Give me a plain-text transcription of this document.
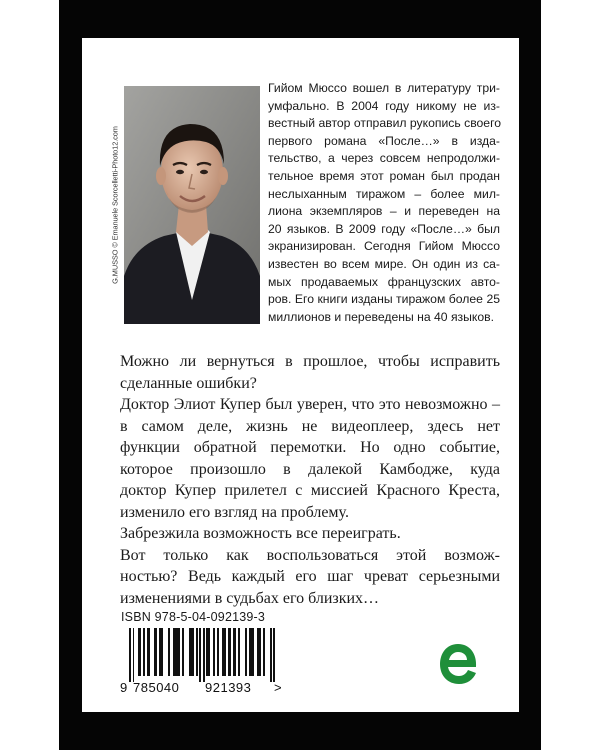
G.MUSSO © Emanuele Scorcelletti-Photo12.com
Гийом Мюссо вошел в литературу три-
умфально. В 2004 году никому не из-
вестный автор отправил рукопись своего
первого романа «После…» в изда-
тельство, а через совсем непродолжи-
тельное время этот роман был продан
неслыханным тиражом – более мил-
лиона экземпляров – и переведен на
20 языков. В 2009 году «После…» был
экранизирован. Сегодня Гийом Мюссо
известен во всем мире. Он один из са-
мых продаваемых французских авто-
ров. Его книги изданы тиражом более 25
миллионов и переведены на 40 языков.
Можно ли вернуться в прошлое, чтобы исправить
сделанные ошибки?
Доктор Элиот Купер был уверен, что это невозможно –
в самом деле, жизнь не видеоплеер, здесь нет
функции обратной перемотки. Но одно событие,
которое произошло в далекой Камбодже, куда
доктор Купер прилетел с миссией Красного Креста,
изменило его взгляд на проблему.
Забрезжила возможность все переиграть.
Вот только как воспользоваться этой возмож-
ностью? Ведь каждый его шаг чреват серьезными
изменениями в судьбах его близких…
ISBN 978-5-04-092139-3
9 785040 921393 >
